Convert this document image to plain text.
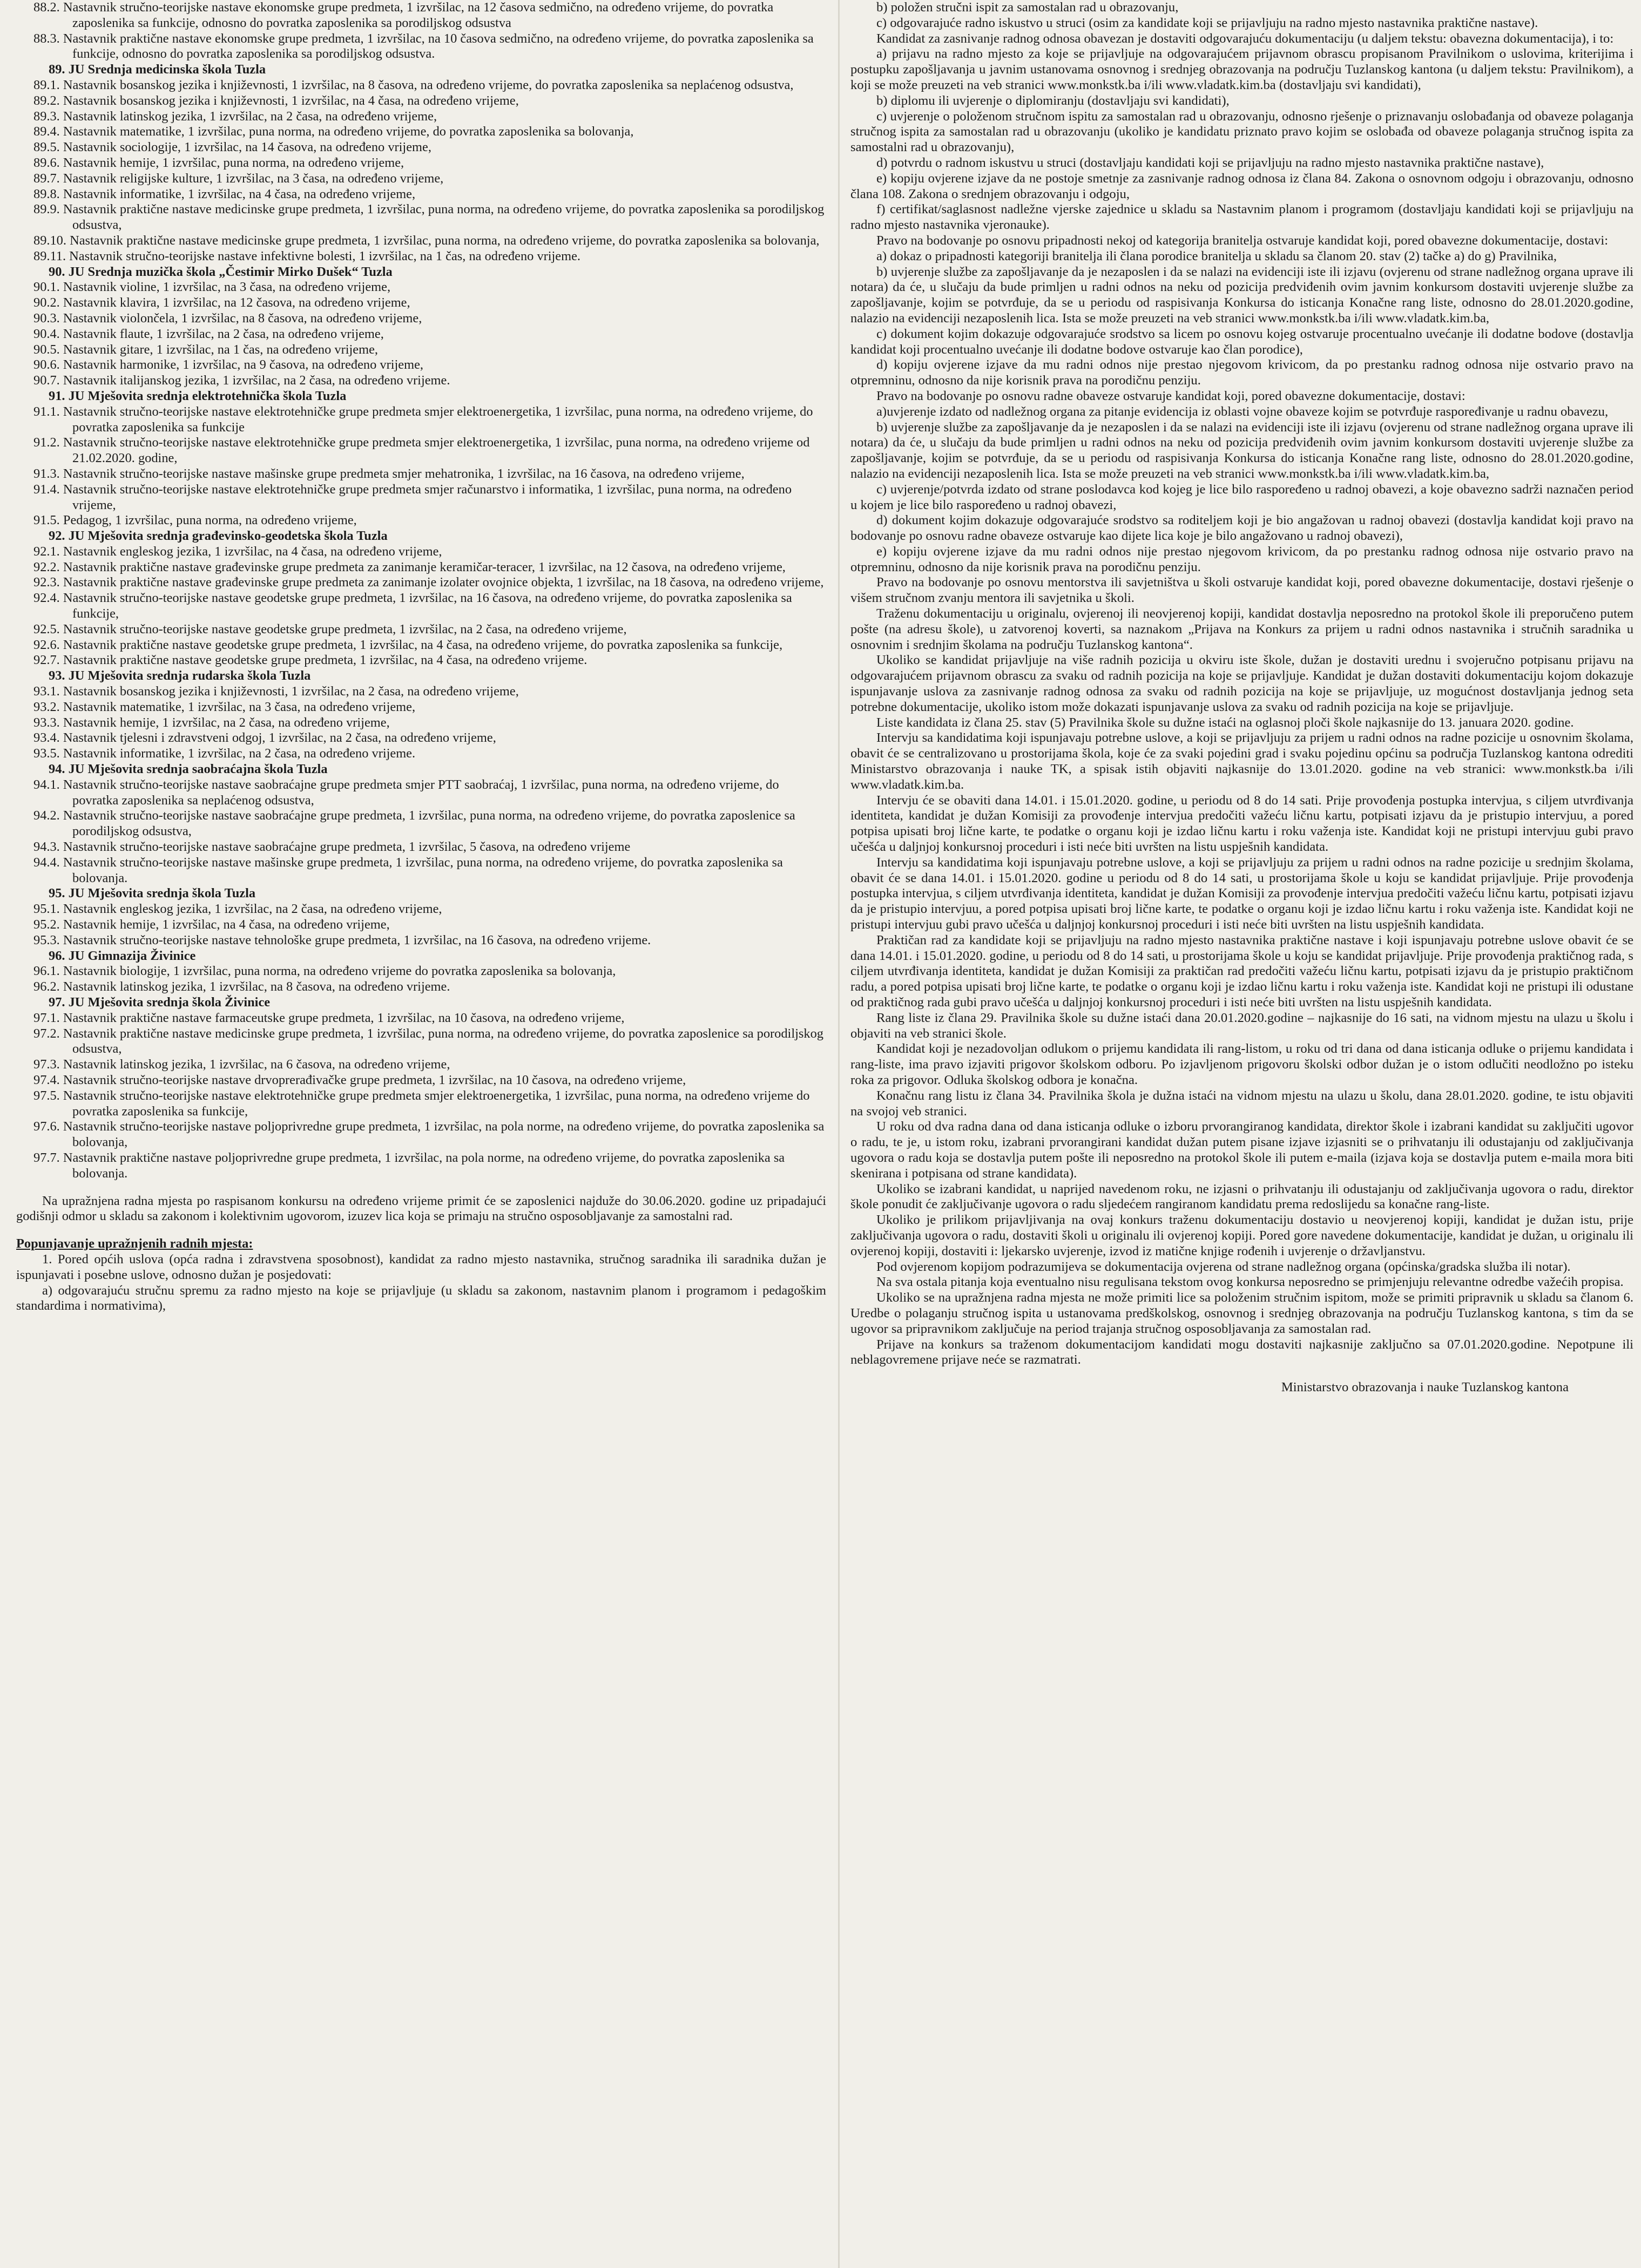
88.2. Nastavnik stručno-teorijske nastave ekonomske grupe predmeta, 1 izvršilac, na 12 časova sedmično, na određeno vrijeme, do povratka zaposlenika sa funkcije, odnosno do povratka zaposlenika sa porodiljskog odsustva

88.3. Nastavnik praktične nastave ekonomske grupe predmeta, 1 izvršilac, na 10 časova sedmično, na određeno vrijeme, do povratka zaposlenika sa funkcije, odnosno do povratka zaposlenika sa porodiljskog odsustva.

89. JU Srednja medicinska škola Tuzla

89.1. Nastavnik bosanskog jezika i književnosti, 1 izvršilac, na 8 časova, na određeno vrijeme, do povratka zaposlenika sa neplaćenog odsustva,

89.2. Nastavnik bosanskog jezika i književnosti, 1 izvršilac, na 4 časa, na određeno vrijeme,

89.3. Nastavnik latinskog jezika, 1 izvršilac, na 2 časa, na određeno vrijeme,

89.4. Nastavnik matematike, 1 izvršilac, puna norma, na određeno vrijeme, do povratka zaposlenika sa bolovanja,

89.5. Nastavnik sociologije, 1 izvršilac, na 14 časova, na određeno vrijeme,

89.6. Nastavnik hemije, 1 izvršilac, puna norma, na određeno vrijeme,

89.7. Nastavnik religijske kulture, 1 izvršilac, na 3 časa, na određeno vrijeme,

89.8. Nastavnik informatike, 1 izvršilac, na 4 časa, na određeno vrijeme,

89.9. Nastavnik praktične nastave medicinske grupe predmeta, 1 izvršilac, puna norma, na određeno vrijeme, do povratka zaposlenika sa porodiljskog odsustva,

89.10. Nastavnik praktične nastave medicinske grupe predmeta, 1 izvršilac, puna norma, na određeno vrijeme, do povratka zaposlenika sa bolovanja,

89.11. Nastavnik stručno-teorijske nastave infektivne bolesti, 1 izvršilac, na 1 čas, na određeno vrijeme.

90. JU Srednja muzička škola „Čestimir Mirko Dušek“ Tuzla

90.1. Nastavnik violine, 1 izvršilac, na 3 časa, na određeno vrijeme,

90.2. Nastavnik klavira, 1 izvršilac, na 12 časova, na određeno vrijeme,

90.3. Nastavnik violončela, 1 izvršilac, na 8 časova, na određeno vrijeme,

90.4. Nastavnik flaute, 1 izvršilac, na 2 časa, na određeno vrijeme,

90.5. Nastavnik gitare, 1 izvršilac, na 1 čas, na određeno vrijeme,

90.6. Nastavnik harmonike, 1 izvršilac, na 9 časova, na određeno vrijeme,

90.7. Nastavnik italijanskog jezika, 1 izvršilac, na 2 časa, na određeno vrijeme.

91. JU Mješovita srednja elektrotehnička škola Tuzla

91.1. Nastavnik stručno-teorijske nastave elektrotehničke grupe predmeta smjer elektroenergetika, 1 izvršilac, puna norma, na određeno vrijeme, do povratka zaposlenika sa funkcije

91.2. Nastavnik stručno-teorijske nastave elektrotehničke grupe predmeta smjer elektroenergetika, 1 izvršilac, puna norma, na određeno vrijeme od 21.02.2020. godine,

91.3. Nastavnik stručno-teorijske nastave mašinske grupe predmeta smjer mehatronika, 1 izvršilac, na 16 časova, na određeno vrijeme,

91.4. Nastavnik stručno-teorijske nastave elektrotehničke grupe predmeta smjer računarstvo i informatika, 1 izvršilac, puna norma, na određeno vrijeme,

91.5. Pedagog, 1 izvršilac, puna norma, na određeno vrijeme,

92. JU Mješovita srednja građevinsko-geodetska škola Tuzla

92.1. Nastavnik engleskog jezika, 1 izvršilac, na 4 časa, na određeno vrijeme,

92.2. Nastavnik praktične nastave građevinske grupe predmeta za zanimanje keramičar-teracer, 1 izvršilac, na 12 časova, na određeno vrijeme,

92.3. Nastavnik praktične nastave građevinske grupe predmeta za zanimanje izolater ovojnice objekta, 1 izvršilac, na 18 časova, na određeno vrijeme,

92.4. Nastavnik stručno-teorijske nastave geodetske grupe predmeta, 1 izvršilac, na 16 časova, na određeno vrijeme, do povratka zaposlenika sa funkcije,

92.5. Nastavnik stručno-teorijske nastave geodetske grupe predmeta, 1 izvršilac, na 2 časa, na određeno vrijeme,

92.6. Nastavnik praktične nastave geodetske grupe predmeta, 1 izvršilac, na 4 časa, na određeno vrijeme, do povratka zaposlenika sa funkcije,

92.7. Nastavnik praktične nastave geodetske grupe predmeta, 1 izvršilac, na 4 časa, na određeno vrijeme.

93. JU Mješovita srednja rudarska škola Tuzla

93.1. Nastavnik bosanskog jezika i književnosti, 1 izvršilac, na 2 časa, na određeno vrijeme,

93.2. Nastavnik matematike, 1 izvršilac, na 3 časa, na određeno vrijeme,

93.3. Nastavnik hemije, 1 izvršilac, na 2 časa, na određeno vrijeme,

93.4. Nastavnik tjelesni i zdravstveni odgoj, 1 izvršilac, na 2 časa, na određeno vrijeme,

93.5. Nastavnik informatike, 1 izvršilac, na 2 časa, na određeno vrijeme.

94. JU Mješovita srednja saobraćajna škola Tuzla

94.1. Nastavnik stručno-teorijske nastave saobraćajne grupe predmeta smjer PTT saobraćaj, 1 izvršilac, puna norma, na određeno vrijeme, do povratka zaposlenika sa neplaćenog odsustva,

94.2. Nastavnik stručno-teorijske nastave saobraćajne grupe predmeta, 1 izvršilac, puna norma, na određeno vrijeme, do povratka zaposlenice sa porodiljskog odsustva,

94.3. Nastavnik stručno-teorijske nastave saobraćajne grupe predmeta, 1 izvršilac, 5 časova, na određeno vrijeme

94.4. Nastavnik stručno-teorijske nastave mašinske grupe predmeta, 1 izvršilac, puna norma, na određeno vrijeme, do povratka zaposlenika sa bolovanja.

95. JU Mješovita srednja škola Tuzla

95.1. Nastavnik engleskog jezika, 1 izvršilac, na 2 časa, na određeno vrijeme,

95.2. Nastavnik hemije, 1 izvršilac, na 4 časa, na određeno vrijeme,

95.3. Nastavnik stručno-teorijske nastave tehnološke grupe predmeta, 1 izvršilac, na 16 časova, na određeno vrijeme.

96. JU Gimnazija Živinice

96.1. Nastavnik biologije, 1 izvršilac, puna norma, na određeno vrijeme do povratka zaposlenika sa bolovanja,

96.2. Nastavnik latinskog jezika, 1 izvršilac, na 8 časova, na određeno vrijeme.

97. JU Mješovita srednja škola Živinice

97.1. Nastavnik praktične nastave farmaceutske grupe predmeta, 1 izvršilac, na 10 časova, na određeno vrijeme,

97.2. Nastavnik praktične nastave medicinske grupe predmeta, 1 izvršilac, puna norma, na određeno vrijeme, do povratka zaposlenice sa porodiljskog odsustva,

97.3. Nastavnik latinskog jezika, 1 izvršilac, na 6 časova, na određeno vrijeme,

97.4. Nastavnik stručno-teorijske nastave drvoprerađivačke grupe predmeta, 1 izvršilac, na 10 časova, na određeno vrijeme,

97.5. Nastavnik stručno-teorijske nastave elektrotehničke grupe predmeta smjer elektroenergetika, 1 izvršilac, puna norma, na određeno vrijeme do povratka zaposlenika sa funkcije,

97.6. Nastavnik stručno-teorijske nastave poljoprivredne grupe predmeta, 1 izvršilac, na pola norme, na određeno vrijeme, do povratka zaposlenika sa bolovanja,

97.7. Nastavnik praktične nastave poljoprivredne grupe predmeta, 1 izvršilac, na pola norme, na određeno vrijeme, do povratka zaposlenika sa bolovanja.

Na upražnjena radna mjesta po raspisanom konkursu na određeno vrijeme primit će se zaposlenici najduže do 30.06.2020. godine uz pripadajući godišnji odmor u skladu sa zakonom i kolektivnim ugovorom, izuzev lica koja se primaju na stručno osposobljavanje za samostalni rad.

Popunjavanje upražnjenih radnih mjesta:

1. Pored općih uslova (opća radna i zdravstvena sposobnost), kandidat za radno mjesto nastavnika, stručnog saradnika ili saradnika dužan je ispunjavati i posebne uslove, odnosno dužan je posjedovati:

a) odgovarajuću stručnu spremu za radno mjesto na koje se prijavljuje (u skladu sa zakonom, nastavnim planom i programom i pedagoškim standardima i normativima),

b) položen stručni ispit za samostalan rad u obrazovanju,

c) odgovarajuće radno iskustvo u struci (osim za kandidate koji se prijavljuju na radno mjesto nastavnika praktične nastave).

Kandidat za zasnivanje radnog odnosa obavezan je dostaviti odgovarajuću dokumentaciju (u daljem tekstu: obavezna dokumentacija), i to:

a) prijavu na radno mjesto za koje se prijavljuje na odgovarajućem prijavnom obrascu propisanom Pravilnikom o uslovima, kriterijima i postupku zapošljavanja u javnim ustanovama osnovnog i srednjeg obrazovanja na području Tuzlanskog kantona (u daljem tekstu: Pravilnikom), a koji se može preuzeti na veb stranici www.monkstk.ba i/ili www.vladatk.kim.ba (dostavljaju svi kandidati),

b) diplomu ili uvjerenje o diplomiranju (dostavljaju svi kandidati),

c) uvjerenje o položenom stručnom ispitu za samostalan rad u obrazovanju, odnosno rješenje o priznavanju oslobađanja od obaveze polaganja stručnog ispita za samostalan rad u obrazovanju (ukoliko je kandidatu priznato pravo kojim se oslobađa od obaveze polaganja stručnog ispita za samostalni rad u obrazovanju),

d) potvrdu o radnom iskustvu u struci (dostavljaju kandidati koji se prijavljuju na radno mjesto nastavnika praktične nastave),

e) kopiju ovjerene izjave da ne postoje smetnje za zasnivanje radnog odnosa iz člana 84. Zakona o osnovnom odgoju i obrazovanju, odnosno člana 108. Zakona o srednjem obrazovanju i odgoju,

f) certifikat/saglasnost nadležne vjerske zajednice u skladu sa Nastavnim planom i programom (dostavljaju kandidati koji se prijavljuju na radno mjesto nastavnika vjeronauke).

Pravo na bodovanje po osnovu pripadnosti nekoj od kategorija branitelja ostvaruje kandidat koji, pored obavezne dokumentacije, dostavi:

a) dokaz o pripadnosti kategoriji branitelja ili člana porodice branitelja u skladu sa članom 20. stav (2) tačke a) do g) Pravilnika,

b) uvjerenje službe za zapošljavanje da je nezaposlen i da se nalazi na evidenciji iste ili izjavu (ovjerenu od strane nadležnog organa uprave ili notara) da će, u slučaju da bude primljen u radni odnos na neku od pozicija predviđenih ovim javnim konkursom dostaviti uvjerenje službe za zapošljavanje, kojim se potvrđuje, da se u periodu od raspisivanja Konkursa do isticanja Konačne rang liste, odnosno do 28.01.2020.godine, nalazio na evidenciji nezaposlenih lica. Ista se može preuzeti na veb stranici www.monkstk.ba i/ili www.vladatk.kim.ba,

c) dokument kojim dokazuje odgovarajuće srodstvo sa licem po osnovu kojeg ostvaruje procentualno uvećanje ili dodatne bodove (dostavlja kandidat koji procentualno uvećanje ili dodatne bodove ostvaruje kao član porodice),

d) kopiju ovjerene izjave da mu radni odnos nije prestao njegovom krivicom, da po prestanku radnog odnosa nije ostvario pravo na otpremninu, odnosno da nije korisnik prava na porodičnu penziju.

Pravo na bodovanje po osnovu radne obaveze ostvaruje kandidat koji, pored obavezne dokumentacije, dostavi:

a)uvjerenje izdato od nadležnog organa za pitanje evidencija iz oblasti vojne obaveze kojim se potvrđuje raspoređivanje u radnu obavezu,

b) uvjerenje službe za zapošljavanje da je nezaposlen i da se nalazi na evidenciji iste ili izjavu (ovjerenu od strane nadležnog organa uprave ili notara) da će, u slučaju da bude primljen u radni odnos na neku od pozicija predviđenih ovim javnim konkursom dostaviti uvjerenje službe za zapošljavanje, kojim se potvrđuje, da se u periodu od raspisivanja Konkursa do isticanja Konačne rang liste, odnosno do 28.01.2020.godine, nalazio na evidenciji nezaposlenih lica. Ista se može preuzeti na veb stranici www.monkstk.ba i/ili www.vladatk.kim.ba,

c) uvjerenje/potvrda izdato od strane poslodavca kod kojeg je lice bilo raspoređeno u radnoj obavezi, a koje obavezno sadrži naznačen period u kojem je lice bilo raspoređeno u radnoj obavezi,

d) dokument kojim dokazuje odgovarajuće srodstvo sa roditeljem koji je bio angažovan u radnoj obavezi (dostavlja kandidat koji pravo na bodovanje po osnovu radne obaveze ostvaruje kao dijete lica koje je bilo angažovano u radnoj obavezi),

e) kopiju ovjerene izjave da mu radni odnos nije prestao njegovom krivicom, da po prestanku radnog odnosa nije ostvario pravo na otpremninu, odnosno da nije korisnik prava na porodičnu penziju.

Pravo na bodovanje po osnovu mentorstva ili savjetništva u školi ostvaruje kandidat koji, pored obavezne dokumentacije, dostavi rješenje o višem stručnom zvanju mentora ili savjetnika u školi.

Traženu dokumentaciju u originalu, ovjerenoj ili neovjerenoj kopiji, kandidat dostavlja neposredno na protokol škole ili preporučeno putem pošte (na adresu škole), u zatvorenoj koverti, sa naznakom „Prijava na Konkurs za prijem u radni odnos nastavnika i stručnih saradnika u osnovnim i srednjim školama na području Tuzlanskog kantona“.

Ukoliko se kandidat prijavljuje na više radnih pozicija u okviru iste škole, dužan je dostaviti urednu i svojeručno potpisanu prijavu na odgovarajućem prijavnom obrascu za svaku od radnih pozicija na koje se prijavljuje. Kandidat je dužan dostaviti dokumentaciju kojom dokazuje ispunjavanje uslova za zasnivanje radnog odnosa za svaku od radnih pozicija na koje se prijavljuje, uz mogućnost dostavljanja jednog seta potrebne dokumentacije, ukoliko istom može dokazati ispunjavanje uslova za svaku od radnih pozicija na koje se prijavljuje.

Liste kandidata iz člana 25. stav (5) Pravilnika škole su dužne istaći na oglasnoj ploči škole najkasnije do 13. januara 2020. godine.

Intervju sa kandidatima koji ispunjavaju potrebne uslove, a koji se prijavljuju za prijem u radni odnos na radne pozicije u osnovnim školama, obavit će se centralizovano u prostorijama škola, koje će za svaki pojedini grad i svaku pojedinu općinu sa područja Tuzlanskog kantona odrediti Ministarstvo obrazovanja i nauke TK, a spisak istih objaviti najkasnije do 13.01.2020. godine na veb stranici: www.monkstk.ba i/ili www.vladatk.kim.ba.

Intervju će se obaviti dana 14.01. i 15.01.2020. godine, u periodu od 8 do 14 sati. Prije provođenja postupka intervjua, s ciljem utvrđivanja identiteta, kandidat je dužan Komisiji za provođenje intervjua predočiti važeću ličnu kartu, potpisati izjavu da je pristupio intervjuu, a pored potpisa upisati broj lične karte, te podatke o organu koji je izdao ličnu kartu i roku važenja iste. Kandidat koji ne pristupi intervjuu gubi pravo učešća u daljnjoj konkursnoj proceduri i isti neće biti uvršten na listu uspješnih kandidata.

Intervju sa kandidatima koji ispunjavaju potrebne uslove, a koji se prijavljuju za prijem u radni odnos na radne pozicije u srednjim školama, obavit će se dana 14.01. i 15.01.2020. godine u periodu od 8 do 14 sati, u prostorijama škole u koju se kandidat prijavljuje. Prije provođenja postupka intervjua, s ciljem utvrđivanja identiteta, kandidat je dužan Komisiji za provođenje intervjua predočiti važeću ličnu kartu, potpisati izjavu da je pristupio intervjuu, a pored potpisa upisati broj lične karte, te podatke o organu koji je izdao ličnu kartu i roku važenja iste. Kandidat koji ne pristupi intervjuu gubi pravo učešća u daljnjoj konkursnoj proceduri i isti neće biti uvršten na listu uspješnih kandidata.

Praktičan rad za kandidate koji se prijavljuju na radno mjesto nastavnika praktične nastave i koji ispunjavaju potrebne uslove obavit će se dana 14.01. i 15.01.2020. godine, u periodu od 8 do 14 sati, u prostorijama škole u koju se kandidat prijavljuje. Prije provođenja praktičnog rada, s ciljem utvrđivanja identiteta, kandidat je dužan Komisiji za praktičan rad predočiti važeću ličnu kartu, potpisati izjavu da je pristupio praktičnom radu, a pored potpisa upisati broj lične karte, te podatke o organu koji je izdao ličnu kartu i roku važenja iste. Kandidat koji ne pristupi ili odustane od praktičnog rada gubi pravo učešća u daljnjoj konkursnoj proceduri i isti neće biti uvršten na listu uspješnih kandidata.

Rang liste iz člana 29. Pravilnika škole su dužne istaći dana 20.01.2020.godine – najkasnije do 16 sati, na vidnom mjestu na ulazu u školu i objaviti na veb stranici škole.

Kandidat koji je nezadovoljan odlukom o prijemu kandidata ili rang-listom, u roku od tri dana od dana isticanja odluke o prijemu kandidata i rang-liste, ima pravo izjaviti prigovor školskom odboru. Po izjavljenom prigovoru školski odbor dužan je o istom odlučiti neodložno po isteku roka za prigovor. Odluka školskog odbora je konačna.

Konačnu rang listu iz člana 34. Pravilnika škola je dužna istaći na vidnom mjestu na ulazu u školu, dana 28.01.2020. godine, te istu objaviti na svojoj veb stranici.

U roku od dva radna dana od dana isticanja odluke o izboru prvorangiranog kandidata, direktor škole i izabrani kandidat su zaključiti ugovor o radu, te je, u istom roku, izabrani prvorangirani kandidat dužan putem pisane izjave izjasniti se o prihvatanju ili odustajanju od zaključivanja ugovora o radu koja se dostavlja putem pošte ili neposredno na protokol škole ili putem e-maila (izjava koja se dostavlja putem e-maila mora biti skenirana i potpisana od strane kandidata).

Ukoliko se izabrani kandidat, u naprijed navedenom roku, ne izjasni o prihvatanju ili odustajanju od zaključivanja ugovora o radu, direktor škole ponudit će zaključivanje ugovora o radu sljedećem rangiranom kandidatu prema redoslijedu sa konačne rang-liste.

Ukoliko je prilikom prijavljivanja na ovaj konkurs traženu dokumentaciju dostavio u neovjerenoj kopiji, kandidat je dužan istu, prije zaključivanja ugovora o radu, dostaviti školi u originalu ili ovjerenoj kopiji. Pored gore navedene dokumentacije, kandidat je dužan, u originalu ili ovjerenoj kopiji, dostaviti i: ljekarsko uvjerenje, izvod iz matične knjige rođenih i uvjerenje o državljanstvu.

Pod ovjerenom kopijom podrazumijeva se dokumentacija ovjerena od strane nadležnog organa (općinska/gradska služba ili notar).

Na sva ostala pitanja koja eventualno nisu regulisana tekstom ovog konkursa neposredno se primjenjuju relevantne odredbe važećih propisa.

Ukoliko se na upražnjena radna mjesta ne može primiti lice sa položenim stručnim ispitom, može se primiti pripravnik u skladu sa članom 6. Uredbe o polaganju stručnog ispita u ustanovama predškolskog, osnovnog i srednjeg obrazovanja na području Tuzlanskog kantona, s tim da se ugovor sa pripravnikom zaključuje na period trajanja stručnog osposobljavanja za samostalan rad.

Prijave na konkurs sa traženom dokumentacijom kandidati mogu dostaviti najkasnije zaključno sa 07.01.2020.godine. Nepotpune ili neblagovremene prijave neće se razmatrati.

Ministarstvo obrazovanja i nauke Tuzlanskog kantona
